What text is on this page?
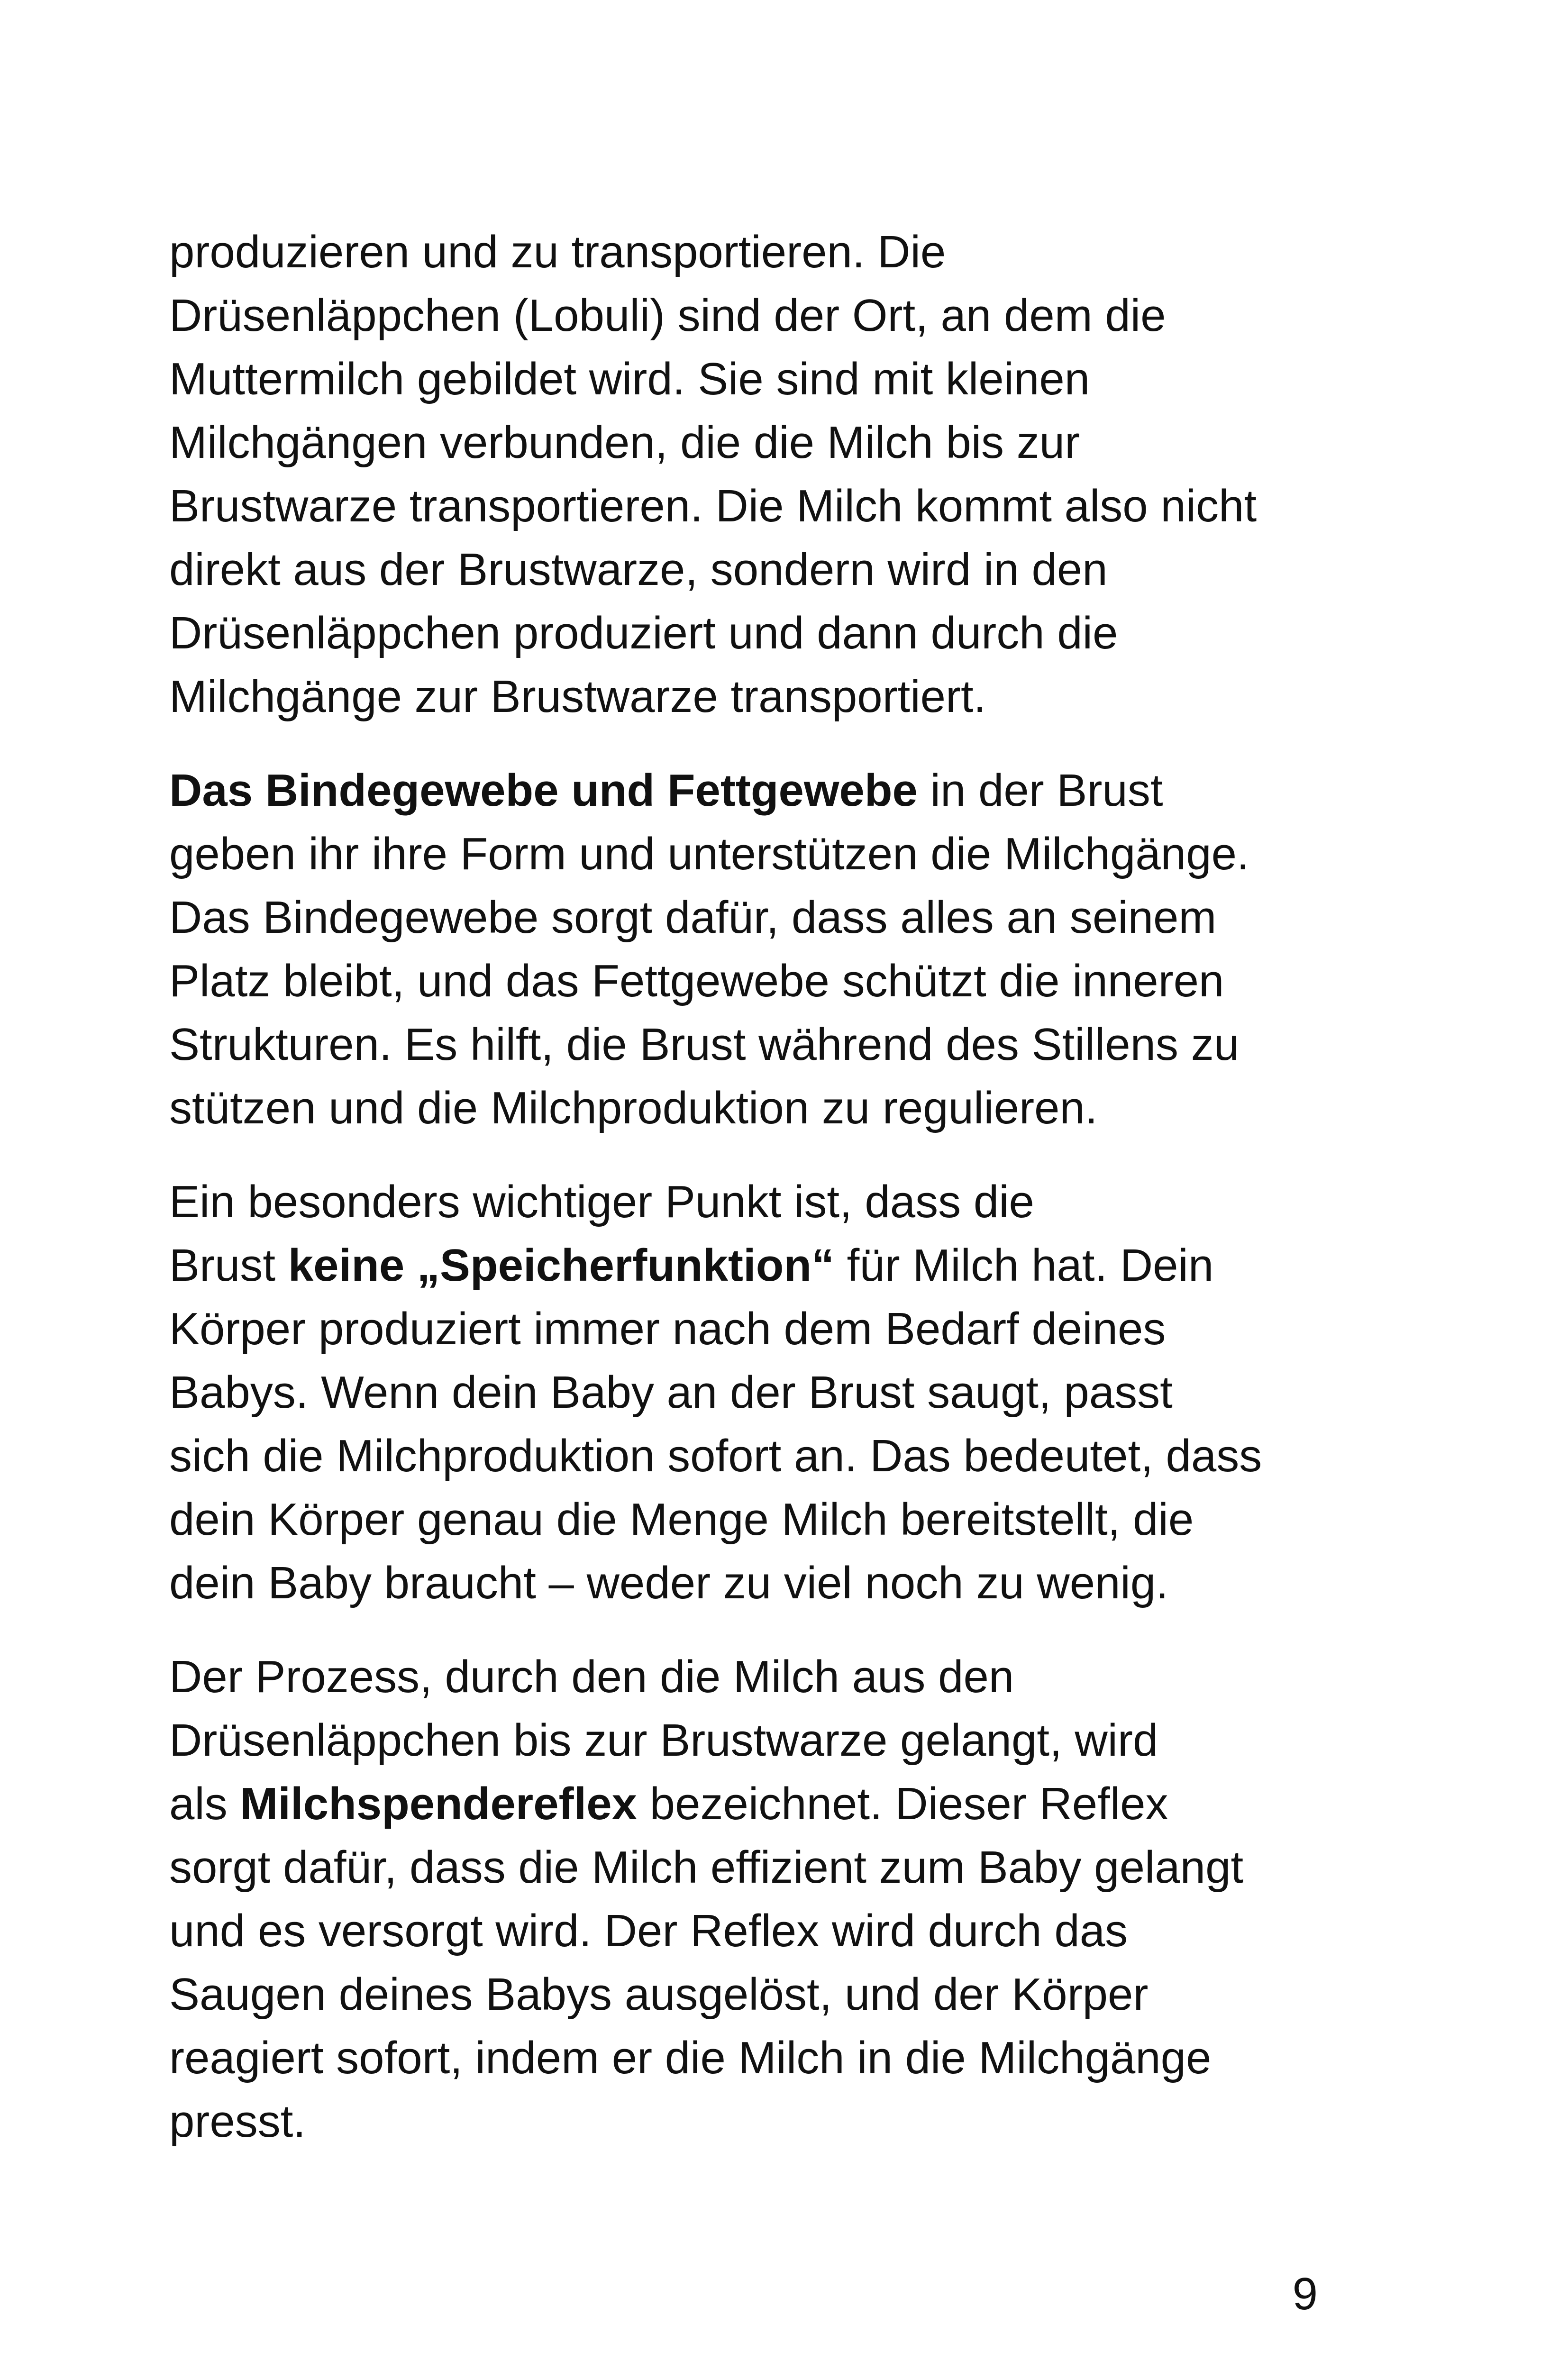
produzieren und zu transportieren. Die
Drüsenläppchen (Lobuli) sind der Ort, an dem die
Muttermilch gebildet wird. Sie sind mit kleinen
Milchgängen verbunden, die die Milch bis zur
Brustwarze transportieren. Die Milch kommt also nicht
direkt aus der Brustwarze, sondern wird in den
Drüsenläppchen produziert und dann durch die
Milchgänge zur Brustwarze transportiert.
Das Bindegewebe und Fettgewebe in der Brust
geben ihr ihre Form und unterstützen die Milchgänge.
Das Bindegewebe sorgt dafür, dass alles an seinem
Platz bleibt, und das Fettgewebe schützt die inneren
Strukturen. Es hilft, die Brust während des Stillens zu
stützen und die Milchproduktion zu regulieren.
Ein besonders wichtiger Punkt ist, dass die
Brust keine „Speicherfunktion“ für Milch hat. Dein
Körper produziert immer nach dem Bedarf deines
Babys. Wenn dein Baby an der Brust saugt, passt
sich die Milchproduktion sofort an. Das bedeutet, dass
dein Körper genau die Menge Milch bereitstellt, die
dein Baby braucht – weder zu viel noch zu wenig.
Der Prozess, durch den die Milch aus den
Drüsenläppchen bis zur Brustwarze gelangt, wird
als Milchspendereflex bezeichnet. Dieser Reflex
sorgt dafür, dass die Milch effizient zum Baby gelangt
und es versorgt wird. Der Reflex wird durch das
Saugen deines Babys ausgelöst, und der Körper
reagiert sofort, indem er die Milch in die Milchgänge
presst.
9
